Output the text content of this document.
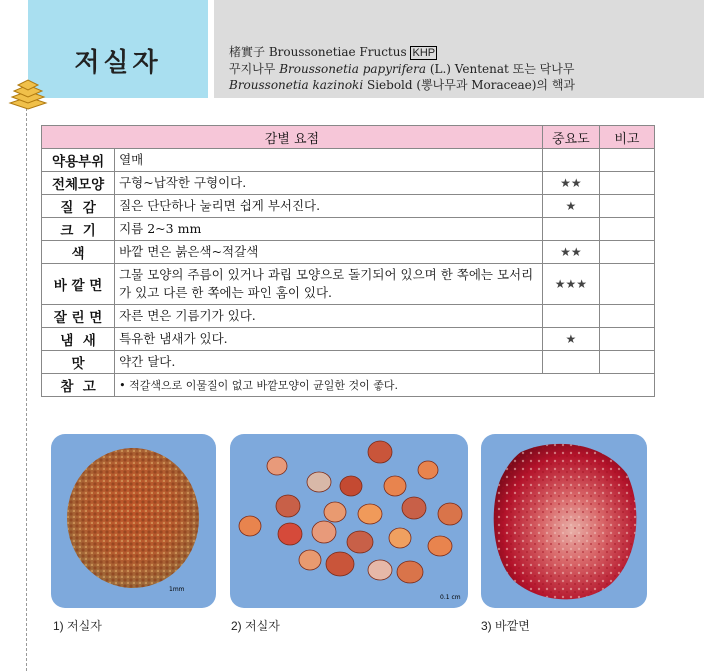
저실자	楮實子 Broussonetiae Fructus KHP
꾸지나무 Broussonetia papyrifera (L.) Ventenat 또는 닥나무
Broussonetia kazinoki Siebold (뽕나무과 Moraceae)의 핵과
감별 요점		중요도	비고
약용부위	열매		
전체모양	구형~납작한 구형이다.	★★	
질  감	질은 단단하나 눌리면 쉽게 부서진다.	★	
크  기	지름 2~3 mm		
색	바깥 면은 붉은색~적갈색	★★	
바 깥 면	그물 모양의 주름이 있거나 과립 모양으로 돌기되어 있으며 한 쪽에는 모서리가 있고 다른 한 쪽에는 파인 홈이 있다.	★★★	
잘 린 면	자른 면은 기름기가 있다.		
냄  새	특유한 냄새가 있다.	★	
맛	약간 달다.		
참  고	• 적갈색으로 이물질이 없고 바깥모양이 균일한 것이 좋다.		
1mm
0.1 cm
1) 저실자	2) 저실자	3) 바깥면
